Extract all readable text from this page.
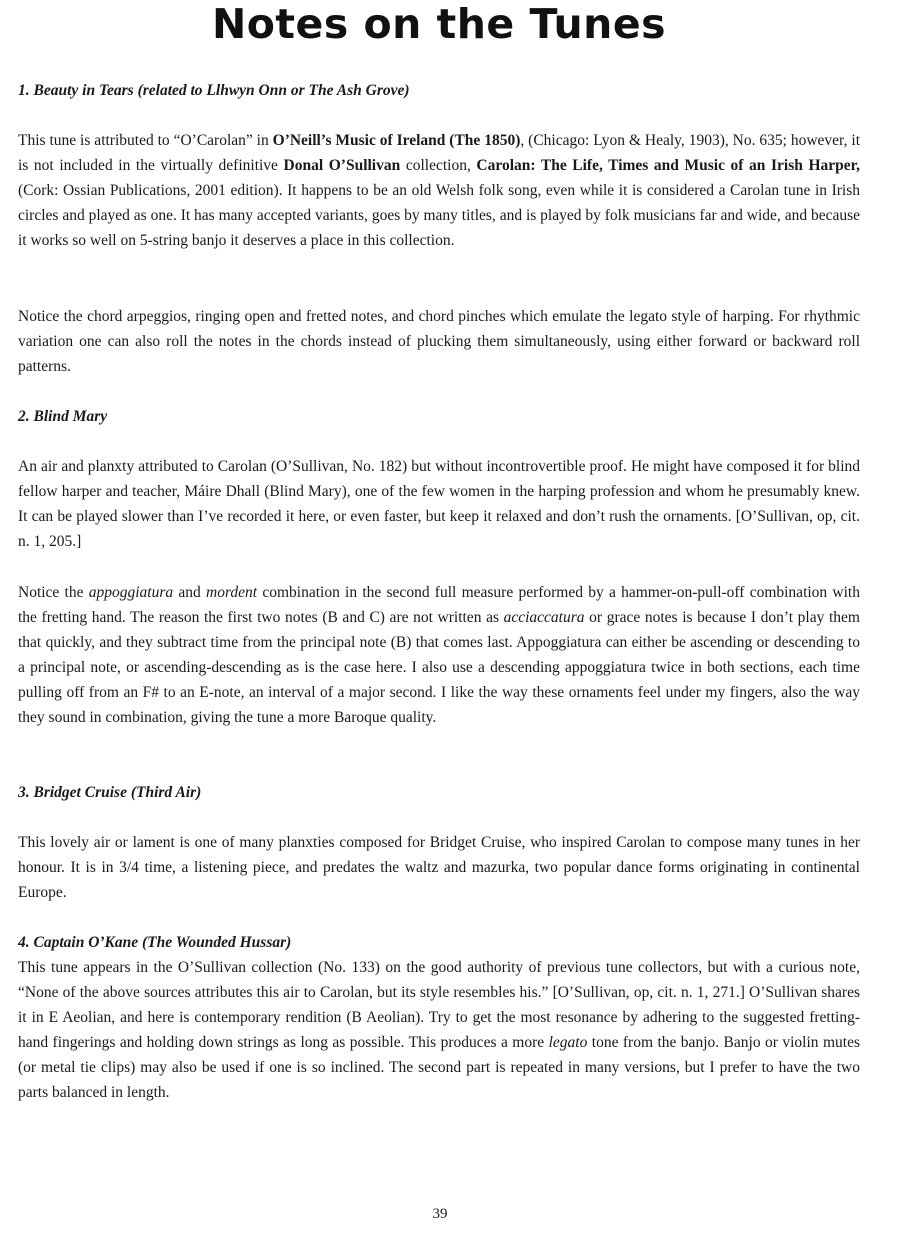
Notes on the Tunes

1. Beauty in Tears (related to Llhwyn Onn or The Ash Grove)

This tune is attributed to “O’Carolan” in O’Neill’s Music of Ireland (The 1850), (Chicago: Lyon & Healy, 1903), No. 635; however, it is not included in the virtually definitive Donal O’Sullivan collection, Carolan: The Life, Times and Music of an Irish Harper, (Cork: Ossian Publications, 2001 edition). It happens to be an old Welsh folk song, even while it is considered a Carolan tune in Irish circles and played as one. It has many accepted variants, goes by many titles, and is played by folk musicians far and wide, and because it works so well on 5-string banjo it deserves a place in this collection.

Notice the chord arpeggios, ringing open and fretted notes, and chord pinches which emulate the legato style of harping. For rhythmic variation one can also roll the notes in the chords instead of plucking them simultaneously, using either forward or backward roll patterns.

2. Blind Mary

An air and planxty attributed to Carolan (O’Sullivan, No. 182) but without incontrovertible proof. He might have composed it for blind fellow harper and teacher, Máire Dhall (Blind Mary), one of the few women in the harping profession and whom he presumably knew. It can be played slower than I’ve recorded it here, or even faster, but keep it relaxed and don’t rush the ornaments. [O’Sullivan, op, cit. n. 1, 205.]

Notice the appoggiatura and mordent combination in the second full measure performed by a hammer-on-pull-off combination with the fretting hand. The reason the first two notes (B and C) are not written as acciaccatura or grace notes is because I don’t play them that quickly, and they subtract time from the principal note (B) that comes last. Appoggiatura can either be ascending or descending to a principal note, or ascending-descending as is the case here. I also use a descending appoggiatura twice in both sections, each time pulling off from an F# to an E-note, an interval of a major second. I like the way these ornaments feel under my fingers, also the way they sound in combination, giving the tune a more Baroque quality.

3. Bridget Cruise (Third Air)

This lovely air or lament is one of many planxties composed for Bridget Cruise, who inspired Carolan to compose many tunes in her honour. It is in 3/4 time, a listening piece, and predates the waltz and mazurka, two popular dance forms originating in continental Europe.

4. Captain O’Kane (The Wounded Hussar)

This tune appears in the O’Sullivan collection (No. 133) on the good authority of previous tune collectors, but with a curious note, “None of the above sources attributes this air to Carolan, but its style resembles his.” [O’Sullivan, op, cit. n. 1, 271.] O’Sullivan shares it in E Aeolian, and here is contemporary rendition (B Aeolian). Try to get the most resonance by adhering to the suggested fretting-hand fingerings and holding down strings as long as possible. This produces a more legato tone from the banjo. Banjo or violin mutes (or metal tie clips) may also be used if one is so inclined. The second part is repeated in many versions, but I prefer to have the two parts balanced in length.

39
